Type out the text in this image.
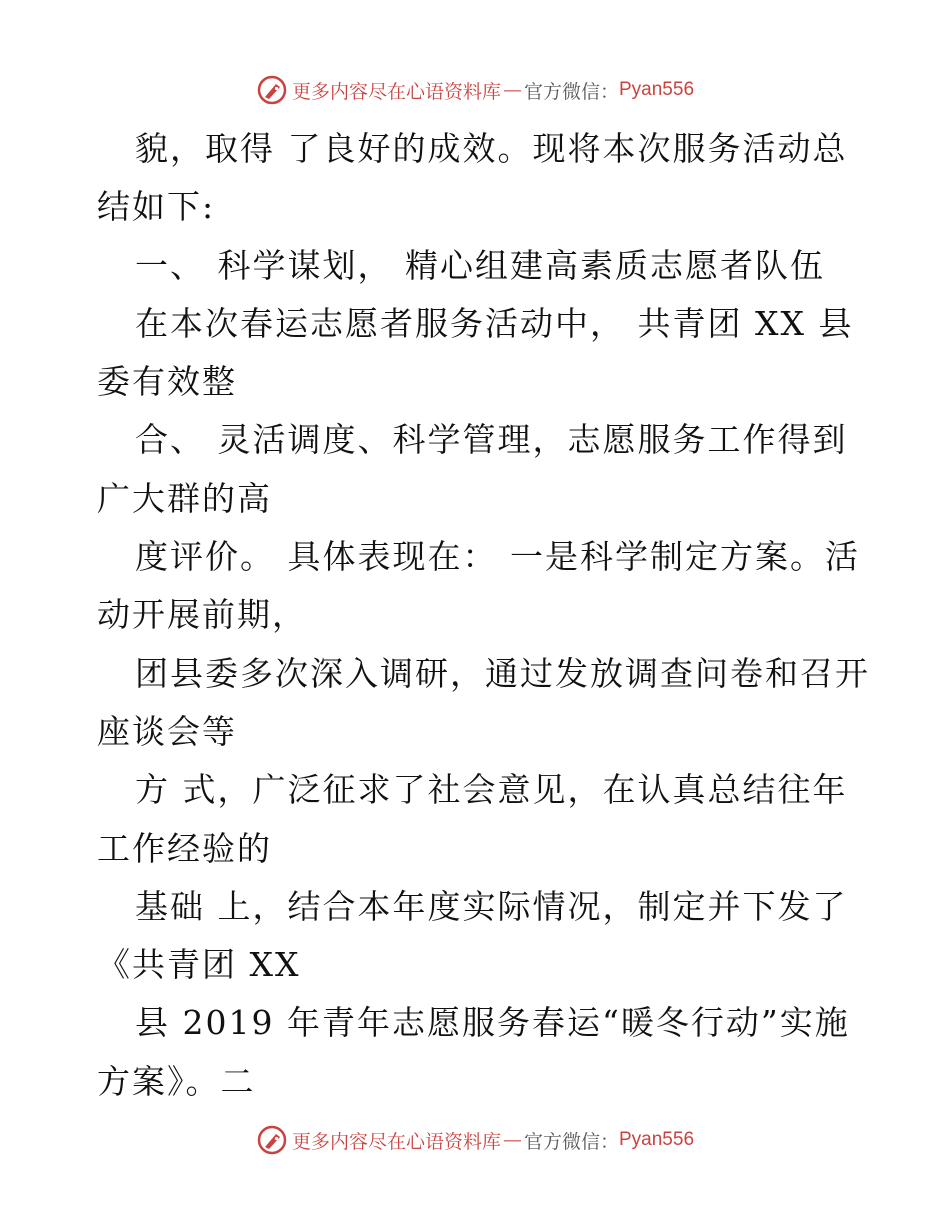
更多内容尽在心语资料库 — 官方微信： Pyan556
貌，取得 了良好的成效。现将本次服务活动总
结如下:
一、 科学谋划， 精心组建高素质志愿者队伍
在本次春运志愿者服务活动中， 共青团 XX 县
委有效整
合、 灵活调度、科学管理，志愿服务工作得到
广大群的高
度评价。 具体表现在： 一是科学制定方案。活
动开展前期，
团县委多次深入调研，通过发放调查问卷和召开
座谈会等
方 式，广泛征求了社会意见，在认真总结往年
工作经验的
基础 上，结合本年度实际情况，制定并下发了
《共青团 XX
县 2019 年青年志愿服务春运“暖冬行动”实施
方案》。二
更多内容尽在心语资料库 — 官方微信： Pyan556
